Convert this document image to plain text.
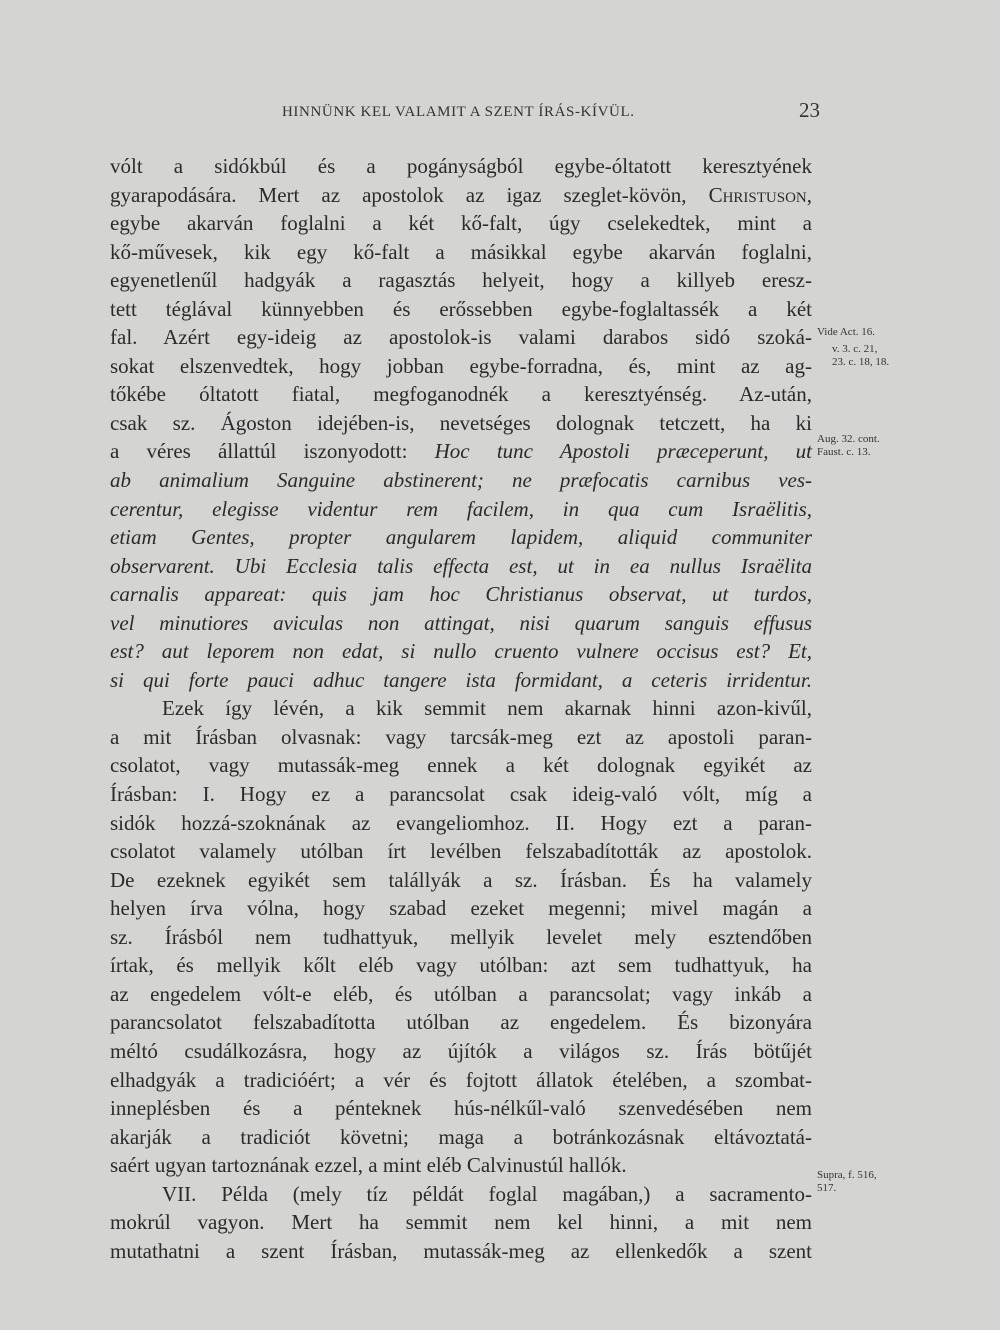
HINNÜNK KEL VALAMIT A SZENT ÍRÁS-KÍVÜL.	23
vólt a sidókbúl és a pogányságból egybe-óltatott keresztyének
gyarapodására. Mert az apostolok az igaz szeglet-kövön, Christuson,
egybe akarván foglalni a két kő-falt, úgy cselekedtek, mint a
kő-művesek, kik egy kő-falt a másikkal egybe akarván foglalni,
egyenetlenűl hadgyák a ragasztás helyeit, hogy a killyeb eresz-
tett téglával künnyebben és erőssebben egybe-foglaltassék a két
fal. Azért egy-ideig az apostolok-is valami darabos sidó szoká-
sokat elszenvedtek, hogy jobban egybe-forradna, és, mint az ag-
tőkébe óltatott fiatal, megfoganodnék a keresztyénség. Az-után,
csak sz. Ágoston idejében-is, nevetséges dolognak tetczett, ha ki
a véres állattúl iszonyodott: Hoc tunc Apostoli præceperunt, ut
ab animalium Sanguine abstinerent; ne præfocatis carnibus ves-
cerentur, elegisse videntur rem facilem, in qua cum Israëlitis,
etiam Gentes, propter angularem lapidem, aliquid communiter
observarent. Ubi Ecclesia talis effecta est, ut in ea nullus Israëlita
carnalis appareat: quis jam hoc Christianus observat, ut turdos,
vel minutiores aviculas non attingat, nisi quarum sanguis effusus
est? aut leporem non edat, si nullo cruento vulnere occisus est? Et,
si qui forte pauci adhuc tangere ista formidant, a ceteris irridentur.
Ezek így lévén, a kik semmit nem akarnak hinni azon-kivűl,
a mit Írásban olvasnak: vagy tarcsák-meg ezt az apostoli paran-
csolatot, vagy mutassák-meg ennek a két dolognak egyikét az
Írásban: I. Hogy ez a parancsolat csak ideig-való vólt, míg a
sidók hozzá-szoknának az evangeliomhoz. II. Hogy ezt a paran-
csolatot valamely utólban írt levélben felszabadították az apostolok.
De ezeknek egyikét sem talállyák a sz. Írásban. És ha valamely
helyen írva vólna, hogy szabad ezeket megenni; mivel magán a
sz. Írásból nem tudhattyuk, mellyik levelet mely esztendőben
írtak, és mellyik kőlt eléb vagy utólban: azt sem tudhattyuk, ha
az engedelem vólt-e eléb, és utólban a parancsolat; vagy inkáb a
parancsolatot felszabadította utólban az engedelem. És bizonyára
méltó csudálkozásra, hogy az újítók a világos sz. Írás bötűjét
elhadgyák a tradicióért; a vér és fojtott állatok ételében, a szombat-
inneplésben és a pénteknek hús-nélkűl-való szenvedésében nem
akarják a tradiciót követni; maga a botránkozásnak eltávoztatá-
saért ugyan tartoznának ezzel, a mint eléb Calvinustúl hallók.
VII. Példa (mely tíz példát foglal magában,) a sacramento-
mokrúl vagyon. Mert ha semmit nem kel hinni, a mit nem
mutathatni a szent Írásban, mutassák-meg az ellenkedők a szent
Vide Act. 16.
v. 3. c. 21,
23. c. 18, 18.
Aug. 32. cont.
Faust. c. 13.
Supra, f. 516,
517.
